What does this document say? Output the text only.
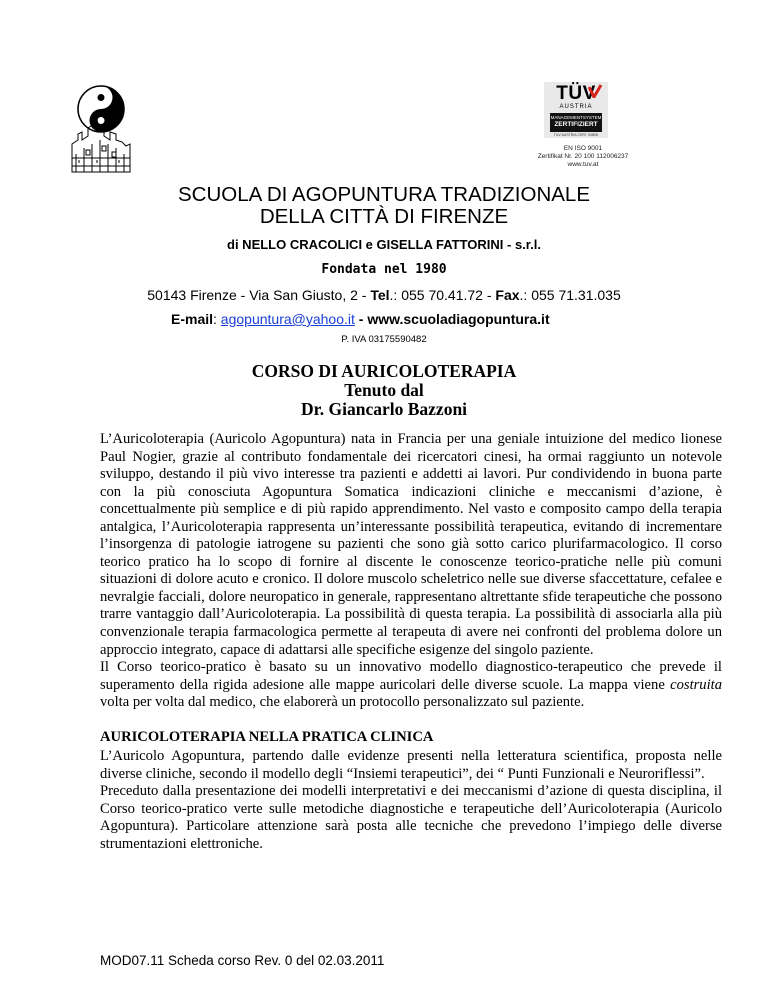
TÜV
AUSTRIA
MANAGEMENTSYSTEM
ZERTIFIZIERT
TÜV AUSTRIA CERT GMBH
EN ISO 9001
Zertifikat Nr. 20 100 112006237
www.tuv.at
SCUOLA DI AGOPUNTURA TRADIZIONALE
DELLA CITTÀ DI FIRENZE
di NELLO CRACOLICI e GISELLA FATTORINI - s.r.l.
Fondata nel 1980
50143 Firenze - Via San Giusto, 2 - Tel.: 055 70.41.72 - Fax.: 055 71.31.035
E-mail: agopuntura@yahoo.it - www.scuoladiagopuntura.it
P. IVA 03175590482
CORSO DI AURICOLOTERAPIA
Tenuto dal
Dr. Giancarlo Bazzoni

L’Auricoloterapia (Auricolo Agopuntura) nata in Francia per una geniale intuizione del medico lionese Paul Nogier, grazie al contributo fondamentale dei ricercatori cinesi, ha ormai raggiunto un notevole sviluppo, destando il più vivo interesse tra pazienti e addetti ai lavori. Pur condividendo in buona parte con la più conosciuta Agopuntura Somatica indicazioni cliniche e meccanismi d’azione, è concettualmente più semplice e di più rapido apprendimento. Nel vasto e composito campo della terapia antalgica, l’Auricoloterapia rappresenta un’interessante possibilità terapeutica, evitando di incrementare l’insorgenza di patologie iatrogene su pazienti che sono già sotto carico plurifarmacologico. Il corso teorico pratico ha lo scopo di fornire al discente le conoscenze teorico-pratiche nelle più comuni situazioni di dolore acuto e cronico. Il dolore muscolo scheletrico nelle sue diverse sfaccettature, cefalee e nevralgie facciali, dolore neuropatico in generale, rappresentano altrettante sfide terapeutiche che possono trarre vantaggio dall’Auricoloterapia. La possibilità di questa terapia. La possibilità di associarla alla più convenzionale terapia farmacologica permette al terapeuta di avere nei confronti del problema dolore un approccio integrato, capace di adattarsi alle specifiche esigenze del singolo paziente.

Il Corso teorico-pratico è basato su un innovativo modello diagnostico-terapeutico che prevede il superamento della rigida adesione alle mappe auricolari delle diverse scuole. La mappa viene costruita volta per volta dal medico, che elaborerà un protocollo personalizzato sul paziente.

AURICOLOTERAPIA NELLA PRATICA CLINICA

L’Auricolo Agopuntura, partendo dalle evidenze presenti nella letteratura scientifica, proposta nelle diverse cliniche, secondo il modello degli “Insiemi terapeutici”, dei “ Punti Funzionali e Neuroriflessi”.

Preceduto dalla presentazione dei modelli interpretativi e dei meccanismi d’azione di questa disciplina, il Corso teorico-pratico verte sulle metodiche diagnostiche e terapeutiche dell’Auricoloterapia (Auricolo Agopuntura). Particolare attenzione sarà posta alle tecniche che prevedono l’impiego delle diverse strumentazioni elettroniche.

MOD07.11 Scheda corso Rev. 0 del 02.03.2011
